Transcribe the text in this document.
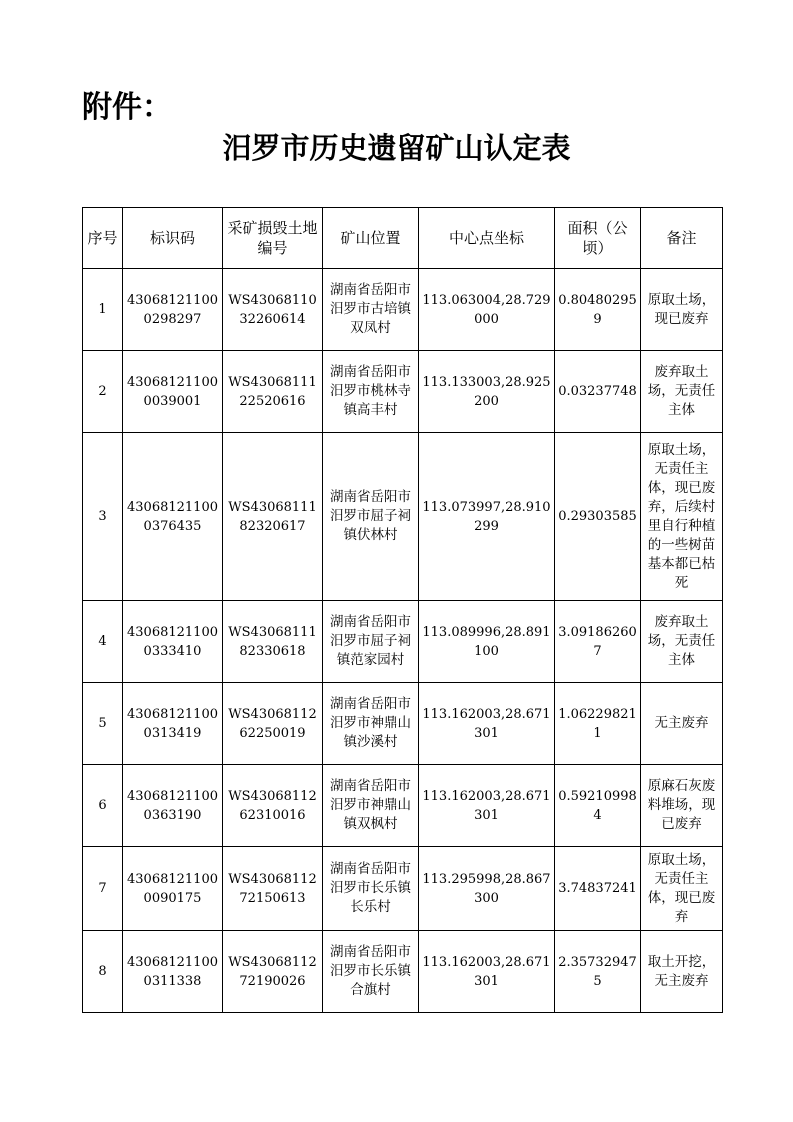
附件：
汨罗市历史遗留矿山认定表
序号	标识码	采矿损毁土地编号	矿山位置	中心点坐标	面积（公顷）	备注
1	430681211000298297	WS4306811032260614	湖南省岳阳市汨罗市古培镇双凤村	113.063004,28.729000	0.804802959	原取土场，现已废弃
2	430681211000039001	WS4306811122520616	湖南省岳阳市汨罗市桃林寺镇高丰村	113.133003,28.925200	0.03237748	废弃取土场，无责任主体
3	430681211000376435	WS4306811182320617	湖南省岳阳市汨罗市屈子祠镇伏林村	113.073997,28.910299	0.29303585	原取土场，无责任主体，现已废弃，后续村里自行种植的一些树苗基本都已枯死
4	430681211000333410	WS4306811182330618	湖南省岳阳市汨罗市屈子祠镇范家园村	113.089996,28.891100	3.091862607	废弃取土场，无责任主体
5	430681211000313419	WS4306811262250019	湖南省岳阳市汨罗市神鼎山镇沙溪村	113.162003,28.671301	1.062298211	无主废弃
6	430681211000363190	WS4306811262310016	湖南省岳阳市汨罗市神鼎山镇双枫村	113.162003,28.671301	0.592109984	原麻石灰废料堆场，现已废弃
7	430681211000090175	WS4306811272150613	湖南省岳阳市汨罗市长乐镇长乐村	113.295998,28.867300	3.74837241	原取土场，无责任主体，现已废弃
8	430681211000311338	WS4306811272190026	湖南省岳阳市汨罗市长乐镇合旗村	113.162003,28.671301	2.357329475	取土开挖，无主废弃
